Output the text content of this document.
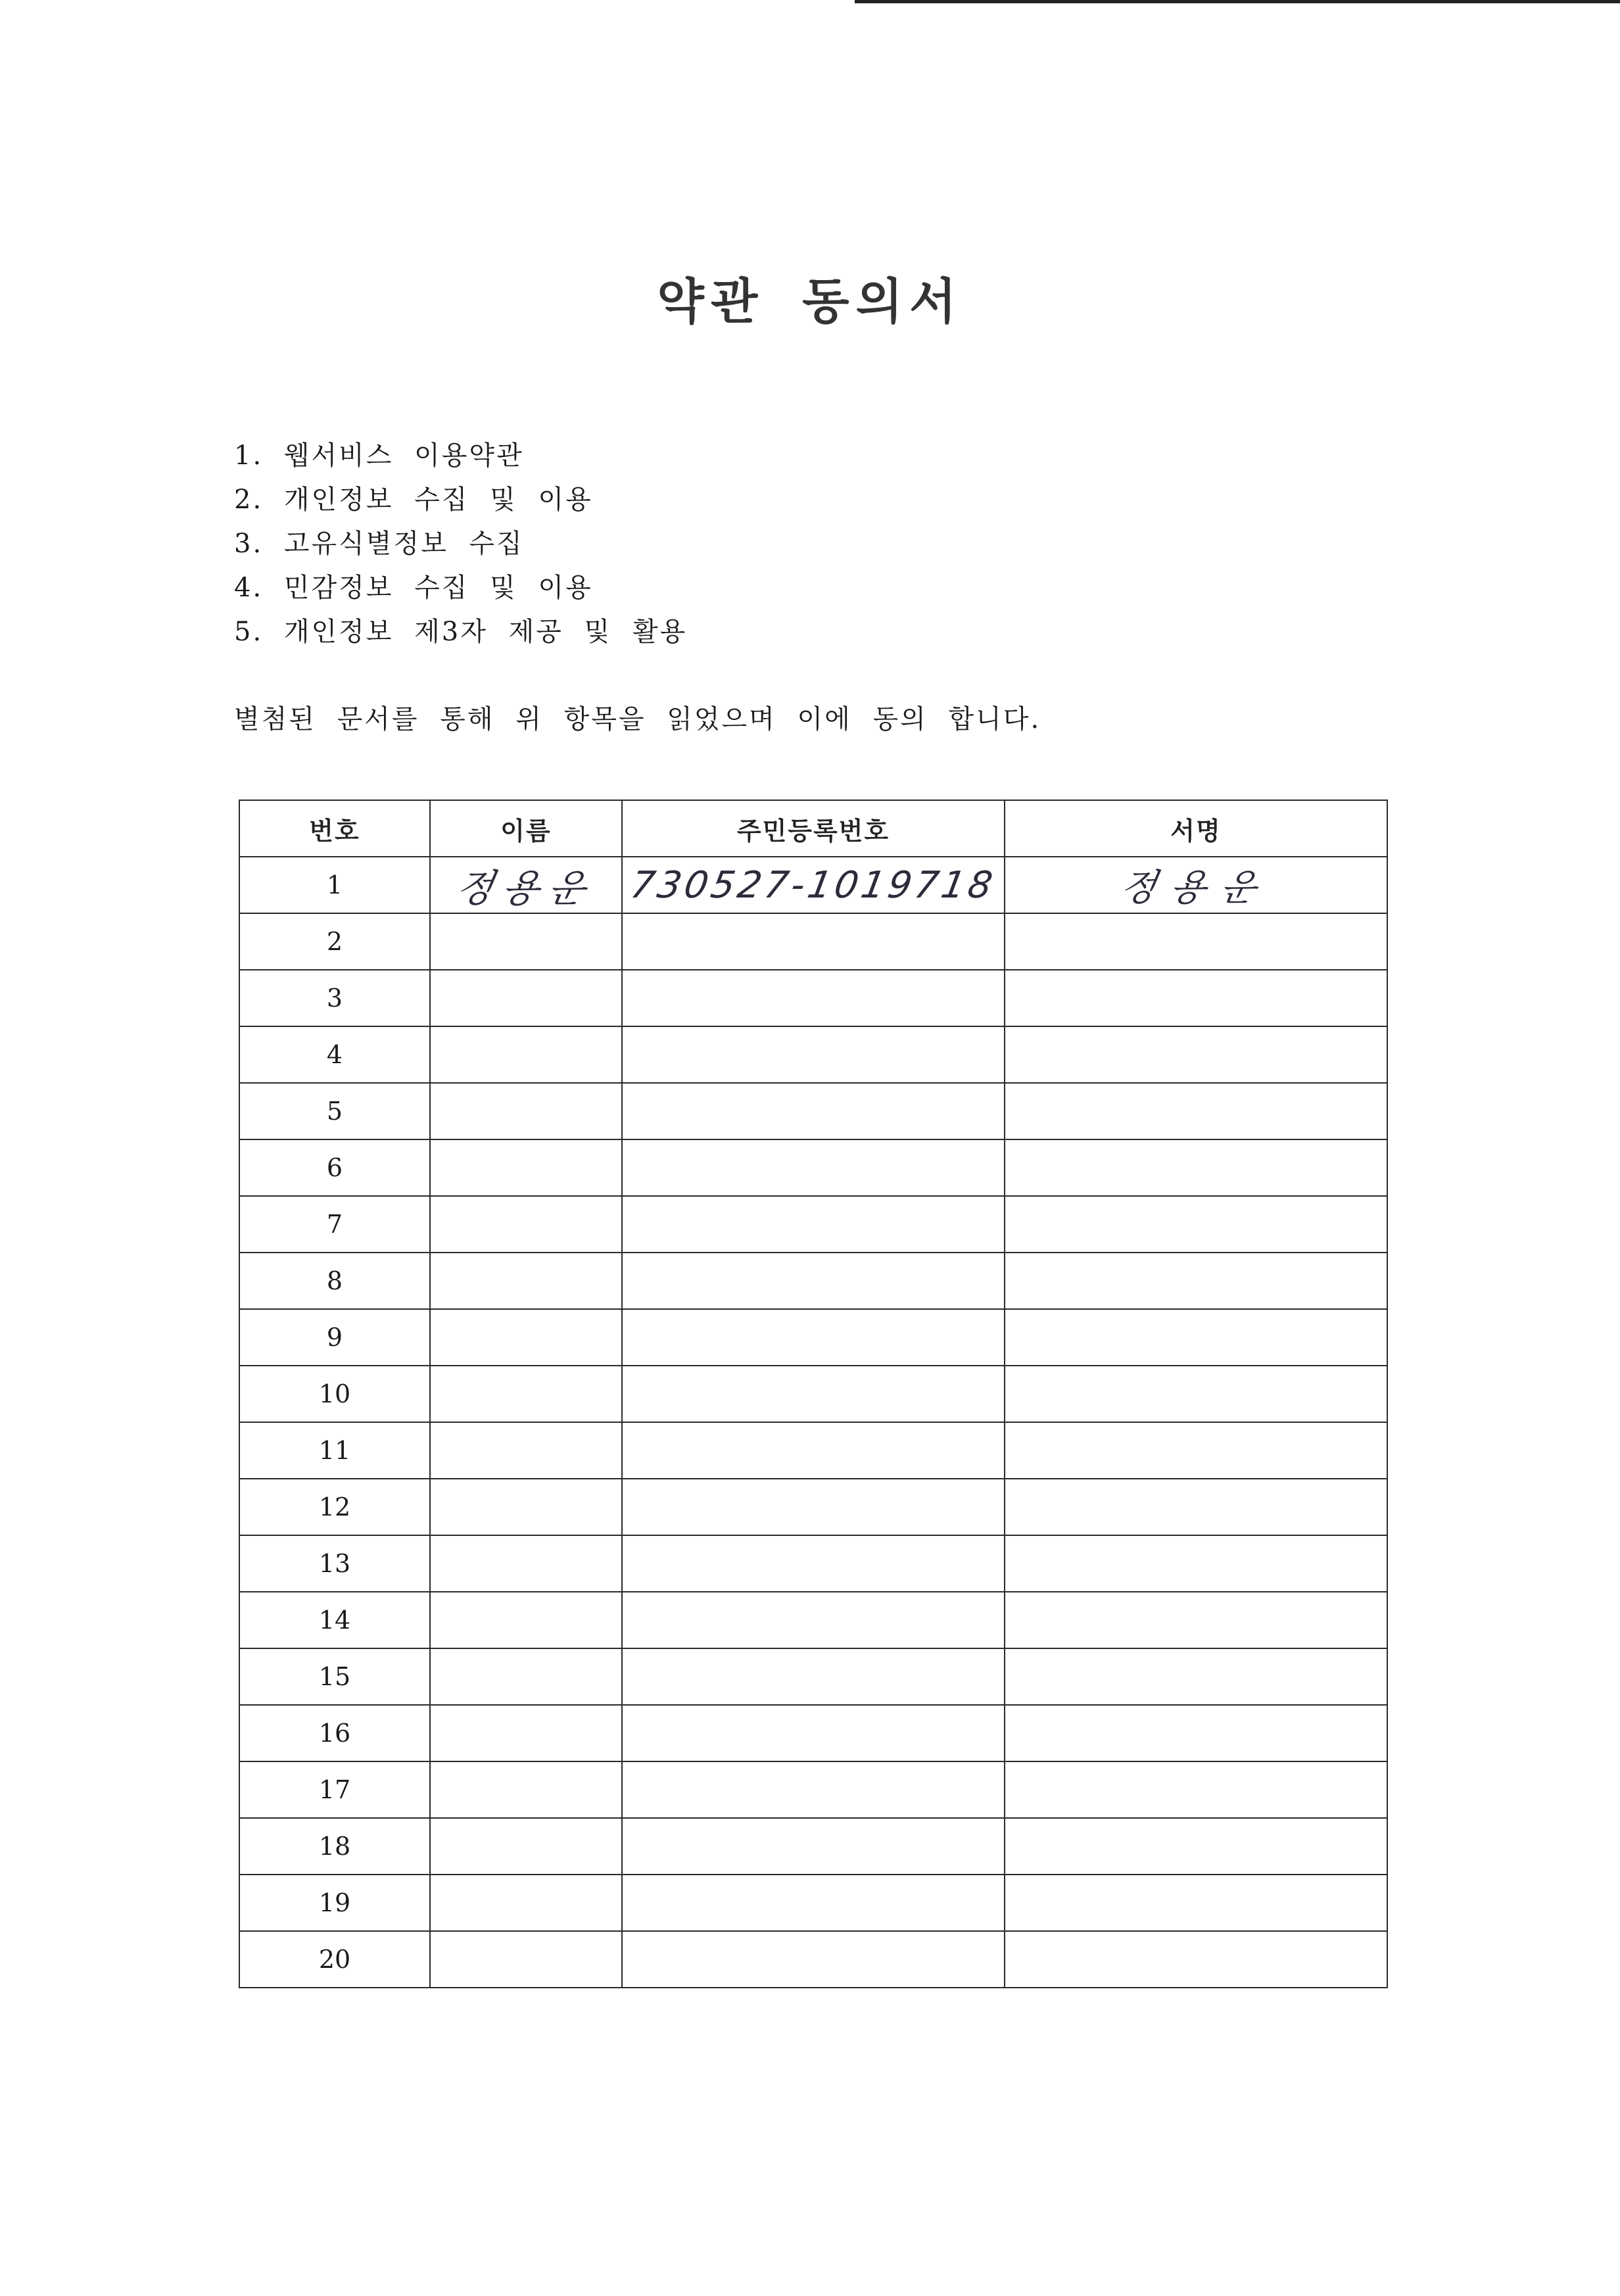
약관 동의서
1. 웹서비스 이용약관
2. 개인정보 수집 및 이용
3. 고유식별정보 수집
4. 민감정보 수집 및 이용
5. 개인정보 제3자 제공 및 활용
별첨된 문서를 통해 위 항목을 읽었으며 이에 동의 합니다.
번호	이름	주민등록번호	서명
1	정용운	730527-1019718	정용운
2			
3			
4			
5			
6			
7			
8			
9			
10			
11			
12			
13			
14			
15			
16			
17			
18			
19			
20			
